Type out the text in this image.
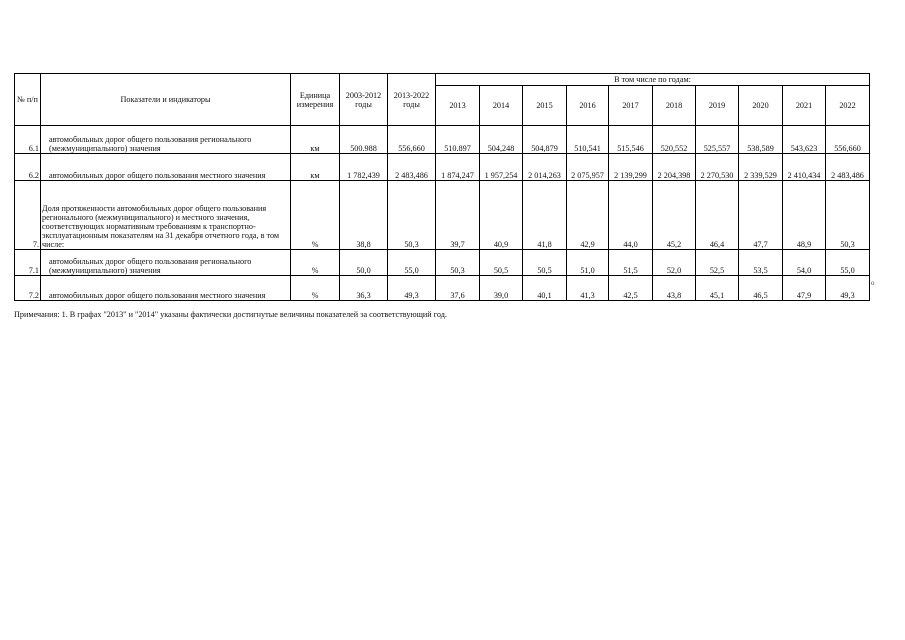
№ п/п	Показатели и индикаторы	Единица измерения	2003-2012 годы	2013-2022 годы	В том числе по годам:									
					2013	2014	2015	2016	2017	2018	2019	2020	2021	2022
6.1	автомобильных дорог общего пользования регионального (межмуниципального) значения	км	500.988	556,660	510.897	504,248	504,879	510,541	515,546	520,552	525,557	538,589	543,623	556,660
6.2	автомобильных дорог общего пользования местного значения	км	1 782,439	2 483,486	1 874,247	1 957,254	2 014,263	2 075,957	2 139,299	2 204,398	2 270,530	2 339,529	2 410,434	2 483,486
7.	Доля протяженности автомобильных дорог общего пользования регионального (межмуниципального) и местного значения, соответствующих нормативным требованиям к транспортно-эксплуатационным показателям на 31 декабря отчетного года, в том числе:	%	38,8	50,3	39,7	40,9	41,8	42,9	44,0	45,2	46,4	47,7	48,9	50,3
7.1	автомобильных дорог общего пользования регионального (межмуниципального) значения	%	50,0	55,0	50,3	50,5	50,5	51,0	51,5	52,0	52,5	53,5	54,0	55,0
7.2	автомобильных дорог общего пользования местного значения	%	36,3	49,3	37,6	39,0	40,1	41,3	42,5	43,8	45,1	46,5	47,9	49,3
о
Примечания: 1. В графах "2013" и "2014" указаны фактически достигнутые величины показателей за соответствующий год.
